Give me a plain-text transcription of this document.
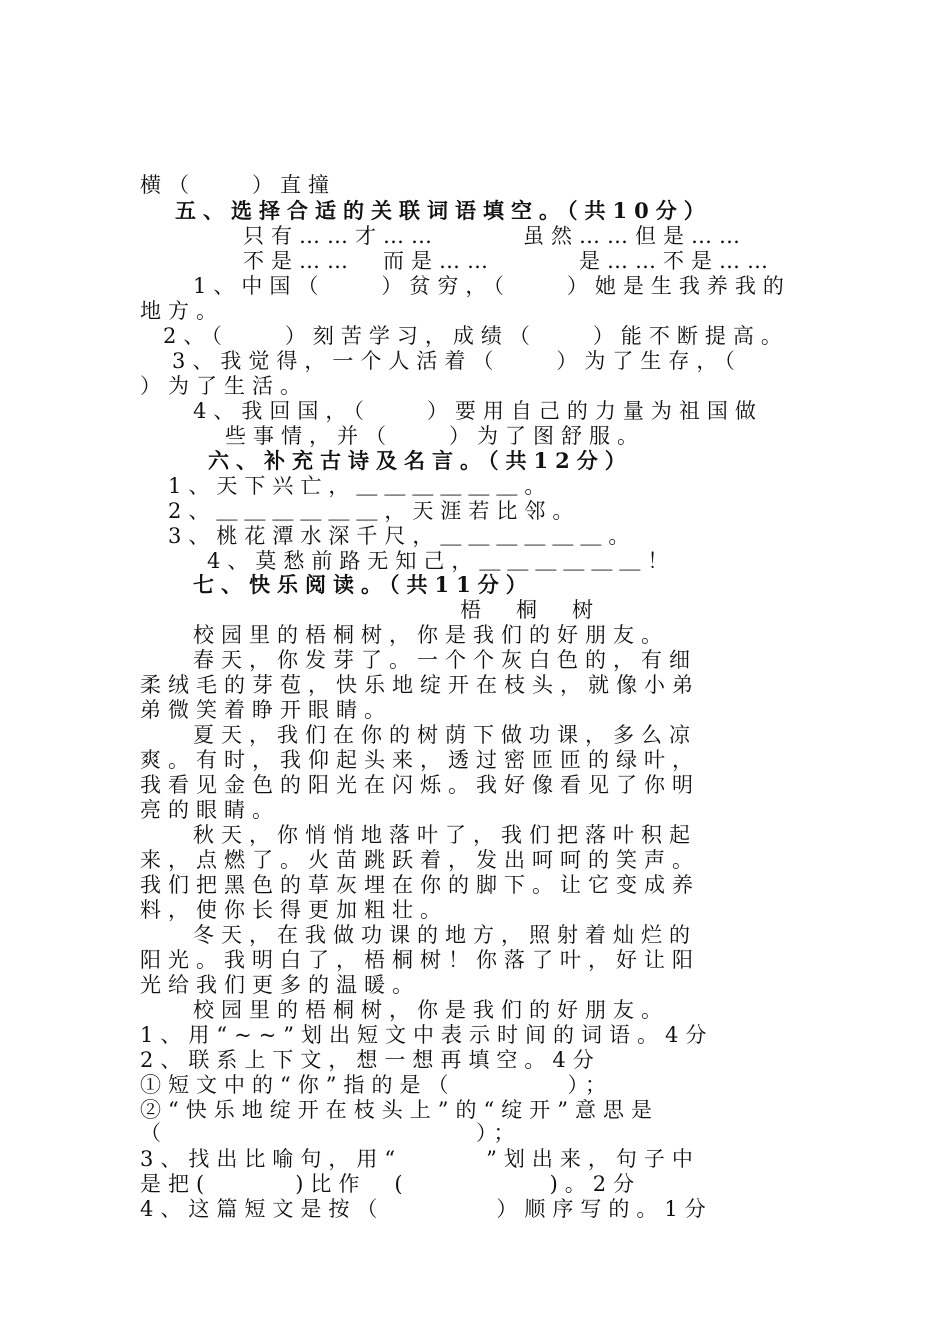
横（　　）直撞
五、选择合适的关联词语填空。（共10分）
只有……才……　　　虽然……但是……
不是……　而是……　　　是……不是……
1、中国（　　）贫穷，（　　）她是生我养我的
地方。
2、（　　）刻苦学习，成绩（　　）能不断提高。
3、我觉得，一个人活着（　　）为了生存，（
）为了生活。
4、我回国，（　　）要用自己的力量为祖国做
些事情，并（　　）为了图舒服。
六、补充古诗及名言。（共12分）
1、天下兴亡，＿＿＿＿＿＿。
2、＿＿＿＿＿＿，天涯若比邻。
3、桃花潭水深千尺，＿＿＿＿＿＿。
4、莫愁前路无知己，＿＿＿＿＿＿！
七、快乐阅读。（共11分）
梧　桐　树
校园里的梧桐树，你是我们的好朋友。
春天，你发芽了。一个个灰白色的，有细
柔绒毛的芽苞，快乐地绽开在枝头，就像小弟
弟微笑着睁开眼睛。
夏天，我们在你的树荫下做功课，多么凉
爽。有时，我仰起头来，透过密匝匝的绿叶，
我看见金色的阳光在闪烁。我好像看见了你明
亮的眼睛。
秋天，你悄悄地落叶了，我们把落叶积起
来，点燃了。火苗跳跃着，发出呵呵的笑声。
我们把黑色的草灰埋在你的脚下。让它变成养
料，使你长得更加粗壮。
冬天，在我做功课的地方，照射着灿烂的
阳光。我明白了，梧桐树！你落了叶，好让阳
光给我们更多的温暖。
校园里的梧桐树，你是我们的好朋友。
1、用“~~”划出短文中表示时间的词语。4分
2、联系上下文，想一想再填空。4分
①短文中的“你”指的是（　　　　）；
②“快乐地绽开在枝头上”的“绽开”意思是
（　　　　　　　　　　　）；
3、找出比喻句，用“　　　”划出来，句子中
是把(　　　)比作　(　　　　　)。2分
4、这篇短文是按（　　　　）顺序写的。1分
